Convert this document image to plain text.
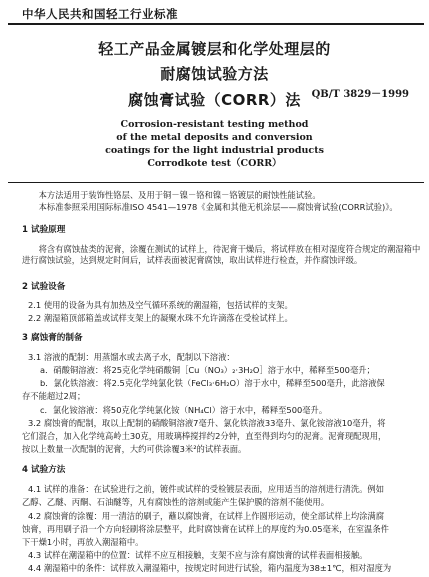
中华人民共和国轻工行业标准
轻工产品金属镀层和化学处理层的
耐腐蚀试验方法
腐蚀膏试验（CORR）法	QB/T 3829－1999
Corrosion-resistant testing method
of the metal deposits and conversion
coatings for the light industrial products
Corrodkote test（CORR）
本方法适用于装饰性铬层、及用于铜－镍－铬和镍－铬镀层的耐蚀性能试验。
本标准参照采用国际标准ISO 4541—1978《金属和其他无机涂层——腐蚀膏试验(CORR试验)》。
1 试验原理
将含有腐蚀盐类的泥膏，涂覆在测试的试样上，待泥膏干燥后，将试样放在相对湿度符合规定的潮湿箱中进行腐蚀试验，达到规定时间后，试样表面被泥膏腐蚀，取出试样进行检查，并作腐蚀评级。
2 试验设备
2.1 使用的设备为具有加热及空气循环系统的潮湿箱，包括试样的支架。
2.2 潮湿箱顶部箱盖或试样支架上的凝聚水珠不允许滴落在受检试样上。
3 腐蚀膏的制备
3.1 溶液的配制：用蒸馏水或去离子水，配制以下溶液：
a．硝酸铜溶液：将25克化学纯硝酸铜［Cu（NO₃）₂·3H₂O］溶于水中，稀释至500毫升；
b．氯化铁溶液：将2.5克化学纯氯化铁（FeCl₃·6H₂O）溶于水中，稀释至500毫升，此溶液保
存不能超过2周；
c．氯化铵溶液：将50克化学纯氯化铵（NH₄Cl）溶于水中，稀释至500毫升。
3.2 腐蚀膏的配制，取以上配制的硝酸铜溶液7毫升、氯化铁溶液33毫升、氯化铵溶液10毫升，将
它们混合，加入化学纯高岭土30克，用玻璃棒搅拌约2分钟，直至得到均匀的泥膏。泥膏现配现用，
按以上数量一次配制的泥膏，大约可供涂覆3米²的试样表面。
4 试验方法
4.1 试样的准备：在试验进行之前，镀件或试样的受检镀层表面，应用适当的溶剂进行清洗。例如
乙醇、乙醚、丙酮、石油醚等，凡有腐蚀性的溶剂或能产生保护膜的溶剂不能使用。
4.2 腐蚀膏的涂覆：用一清洁的刷子，蘸以腐蚀膏，在试样上作圆形运动，使全部试样上均涂满腐
蚀膏，再用刷子沿一个方向轻刷将涂层整平，此时腐蚀膏在试样上的厚度约为0.05毫米，在室温条件
下干燥1小时，再放入潮湿箱中。
4.3 试样在潮湿箱中的位置：试样不应互相接触，支架不应与涂有腐蚀膏的试样表面相接触。
4.4 潮湿箱中的条件：试样放入潮湿箱中，按规定时间进行试验，箱内温度为38±1℃，相对湿度为
